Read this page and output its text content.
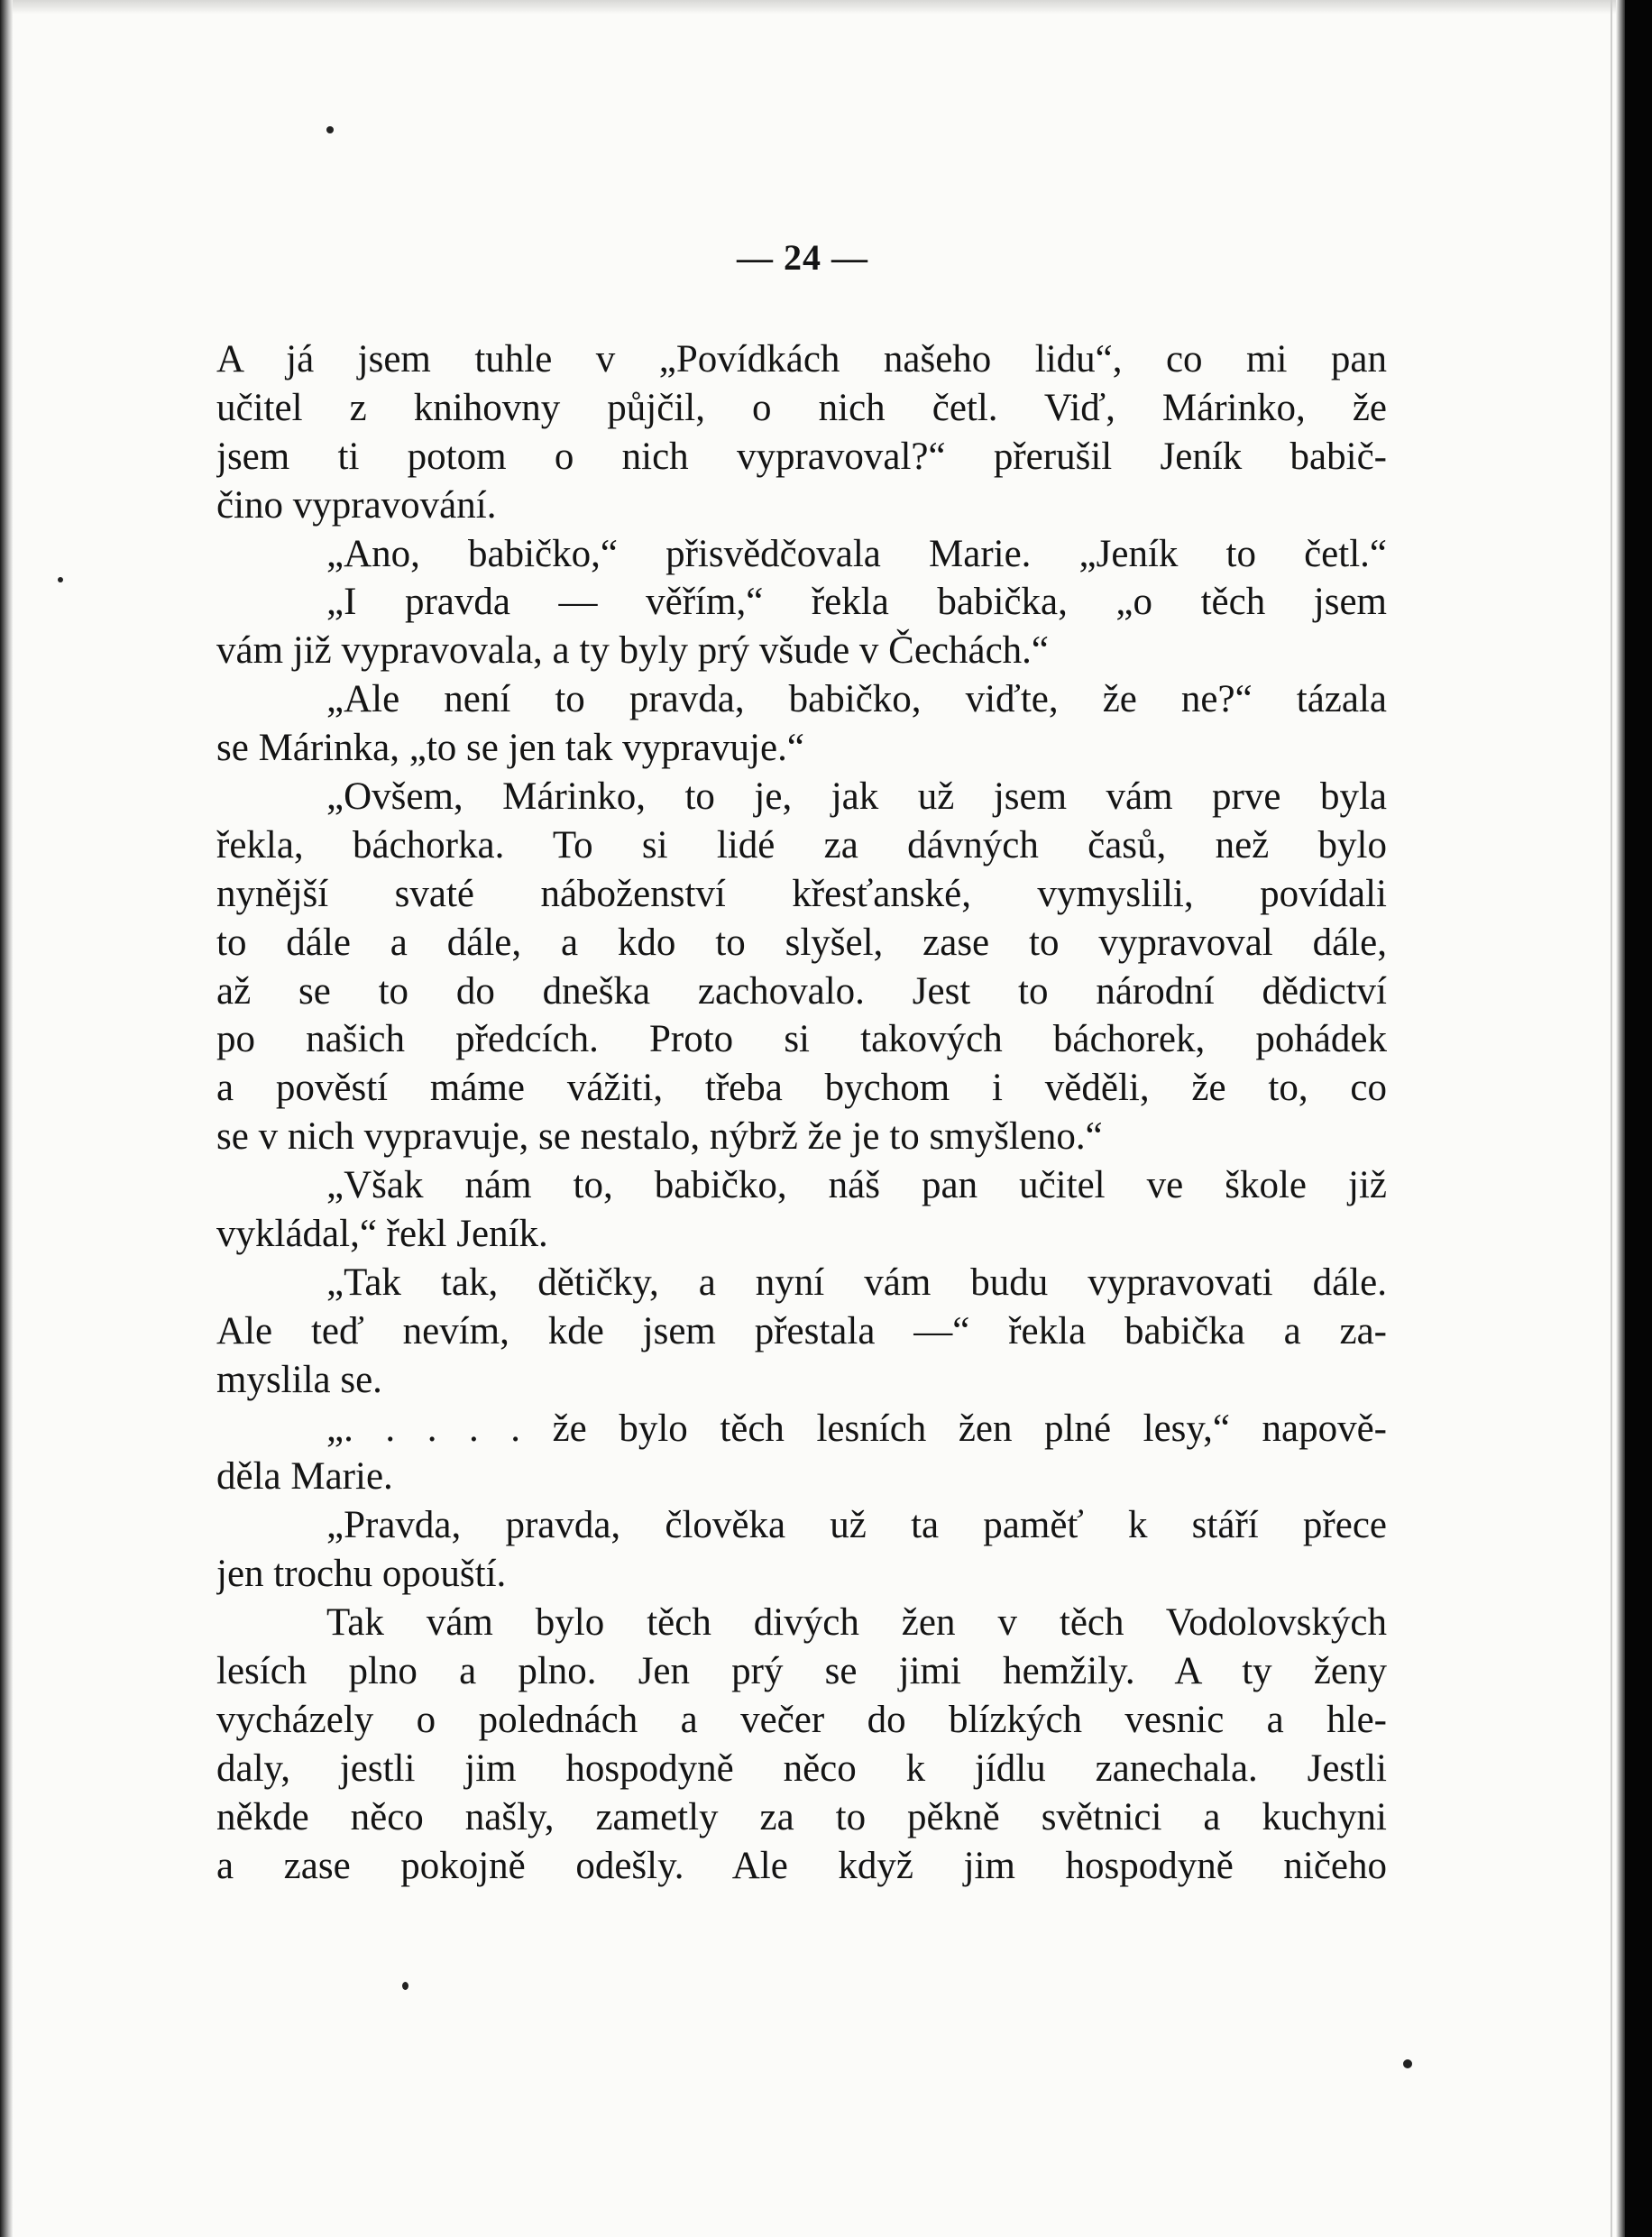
— 24 —
A já jsem tuhle v „Povídkách našeho lidu“, co mi pan
učitel z knihovny půjčil, o nich četl. Viď, Márinko, že
jsem ti potom o nich vypravoval?“ přerušil Jeník babič-
čino vypravování.
„Ano, babičko,“ přisvědčovala Marie. „Jeník to četl.“
„I pravda — věřím,“ řekla babička, „o těch jsem
vám již vypravovala, a ty byly prý všude v Čechách.“
„Ale není to pravda, babičko, viďte, že ne?“ tázala
se Márinka, „to se jen tak vypravuje.“
„Ovšem, Márinko, to je, jak už jsem vám prve byla
řekla, báchorka. To si lidé za dávných časů, než bylo
nynější svaté náboženství křesťanské, vymyslili, povídali
to dále a dále, a kdo to slyšel, zase to vypravoval dále,
až se to do dneška zachovalo. Jest to národní dědictví
po našich předcích. Proto si takových báchorek, pohádek
a pověstí máme vážiti, třeba bychom i věděli, že to, co
se v nich vypravuje, se nestalo, nýbrž že je to smyšleno.“
„Však nám to, babičko, náš pan učitel ve škole již
vykládal,“ řekl Jeník.
„Tak tak, dětičky, a nyní vám budu vypravovati dále.
Ale teď nevím, kde jsem přestala —“ řekla babička a za-
myslila se.
„. . . . . že bylo těch lesních žen plné lesy,“ napově-
děla Marie.
„Pravda, pravda, člověka už ta paměť k stáří přece
jen trochu opouští.
Tak vám bylo těch divých žen v těch Vodolovských
lesích plno a plno. Jen prý se jimi hemžily. A ty ženy
vycházely o polednách a večer do blízkých vesnic a hle-
daly, jestli jim hospodyně něco k jídlu zanechala. Jestli
někde něco našly, zametly za to pěkně světnici a kuchyni
a zase pokojně odešly. Ale když jim hospodyně ničeho
